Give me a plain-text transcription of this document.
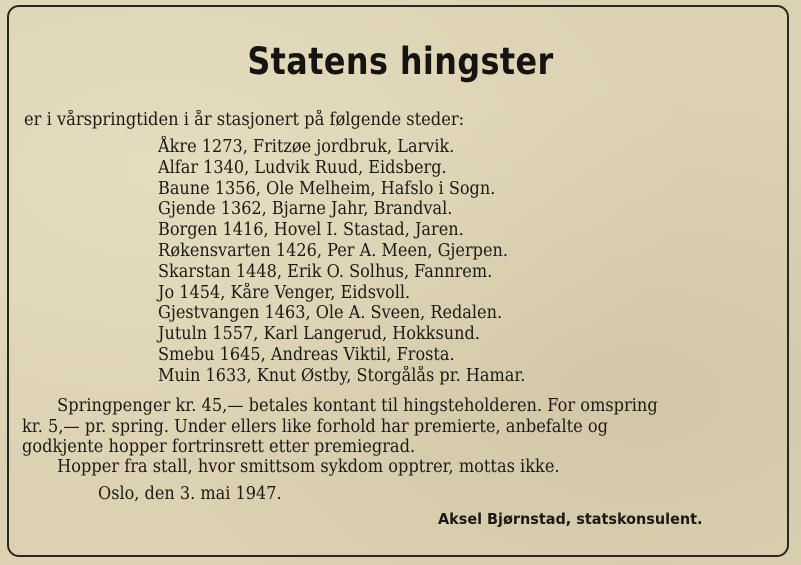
Statens hingster
er i vårspringtiden i år stasjonert på følgende steder:
Åkre 1273, Fritzøe jordbruk, Larvik.
Alfar 1340, Ludvik Ruud, Eidsberg.
Baune 1356, Ole Melheim, Hafslo i Sogn.
Gjende 1362, Bjarne Jahr, Brandval.
Borgen 1416, Hovel I. Stastad, Jaren.
Røkensvarten 1426, Per A. Meen, Gjerpen.
Skarstan 1448, Erik O. Solhus, Fannrem.
Jo 1454, Kåre Venger, Eidsvoll.
Gjestvangen 1463, Ole A. Sveen, Redalen.
Jutuln 1557, Karl Langerud, Hokksund.
Smebu 1645, Andreas Viktil, Frosta.
Muin 1633, Knut Østby, Storgålås pr. Hamar.
Springpenger kr. 45,— betales kontant til hingsteholderen. For omspring
kr. 5,— pr. spring. Under ellers like forhold har premierte, anbefalte og
godkjente hopper fortrinsrett etter premiegrad.
Hopper fra stall, hvor smittsom sykdom opptrer, mottas ikke.
Oslo, den 3. mai 1947.
Aksel Bjørnstad, statskonsulent.
